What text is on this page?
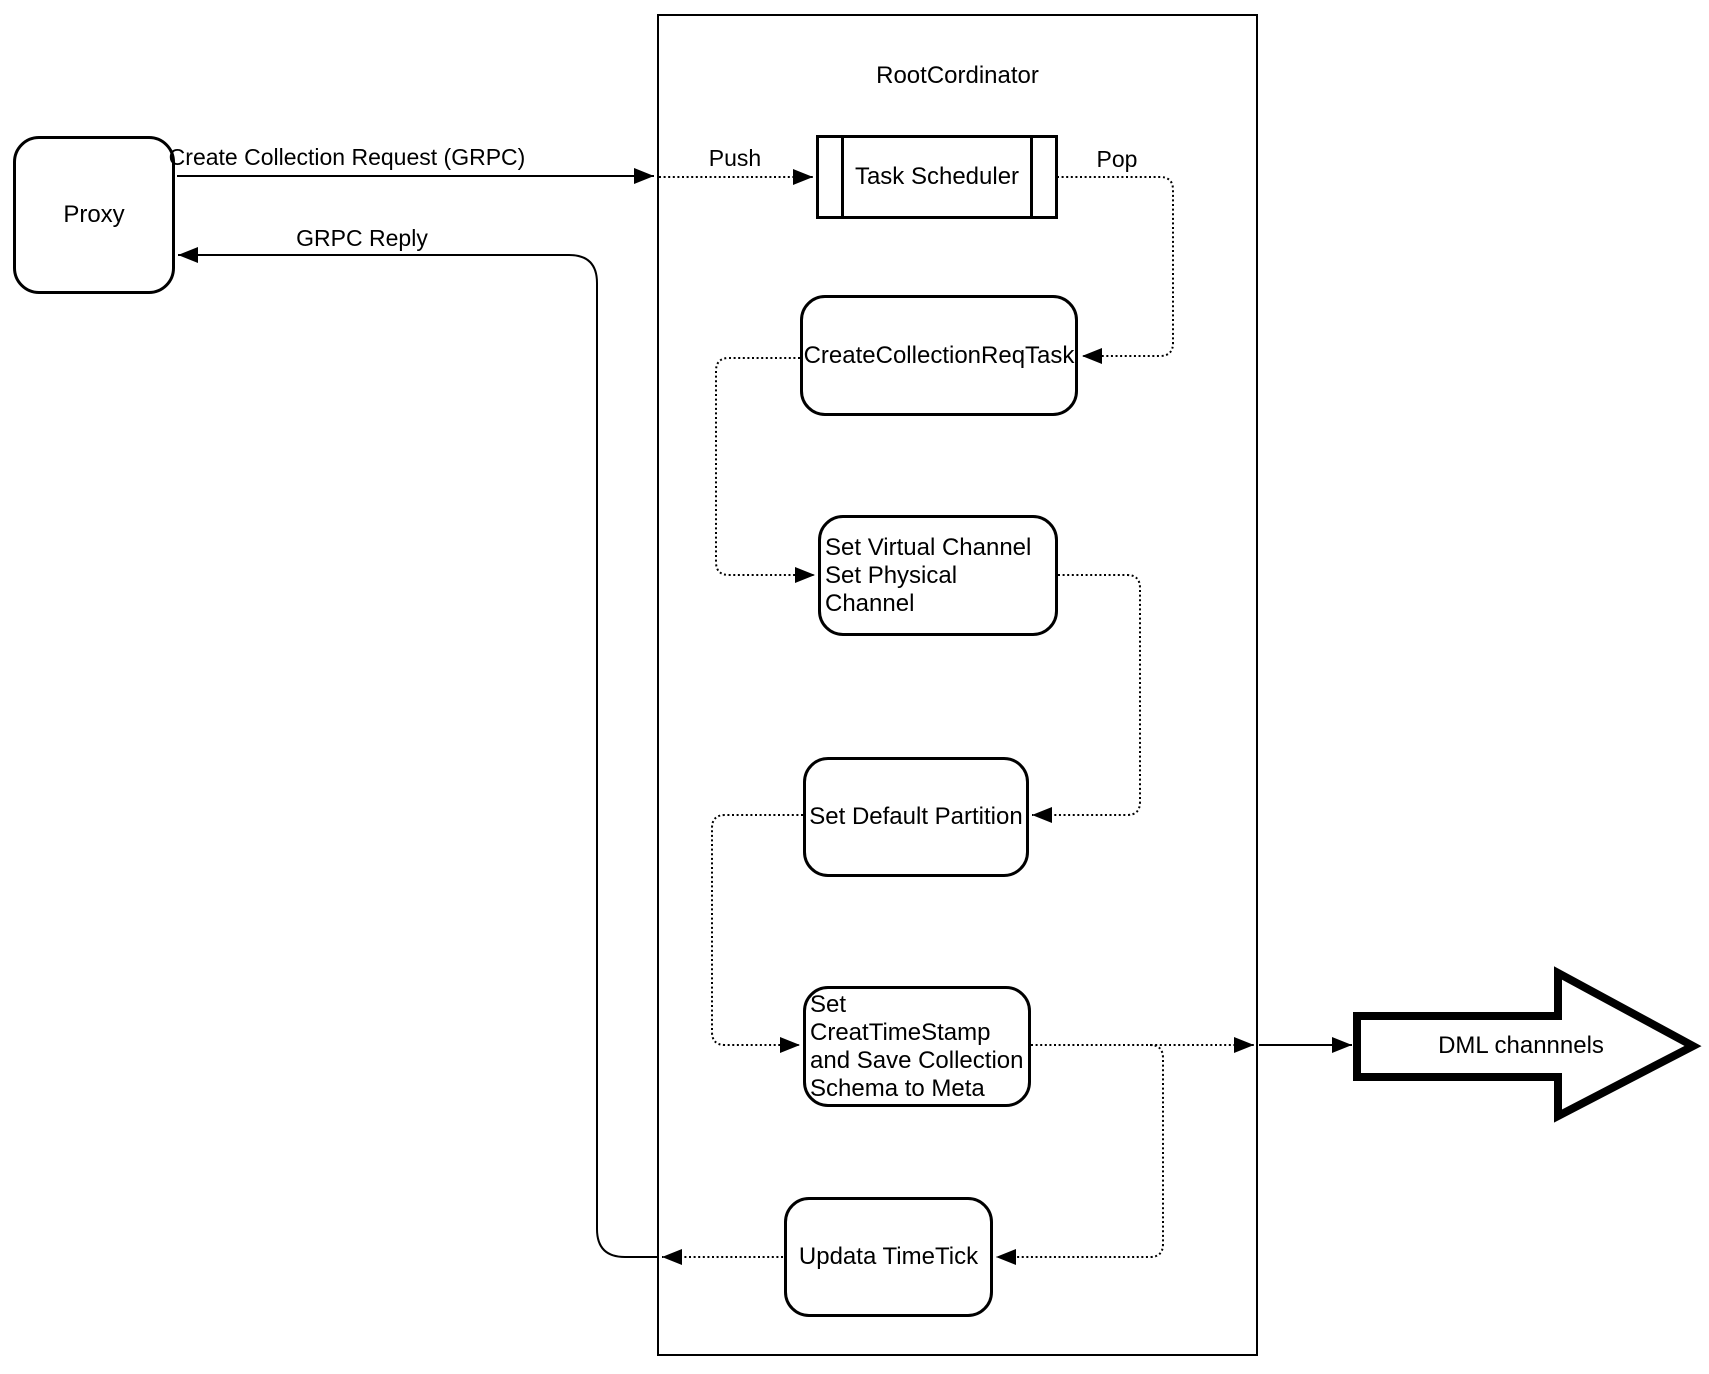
RootCordinator
Proxy
Task Scheduler
CreateCollectionReqTask
Set Virtual Channel
Set Physical Channel
Set Default Partition
Set CreatTimeStamp
and Save Collection
Schema to Meta
Updata TimeTick
Create Collection Request (GRPC)
GRPC Reply
Push	Pop
DML channnels
